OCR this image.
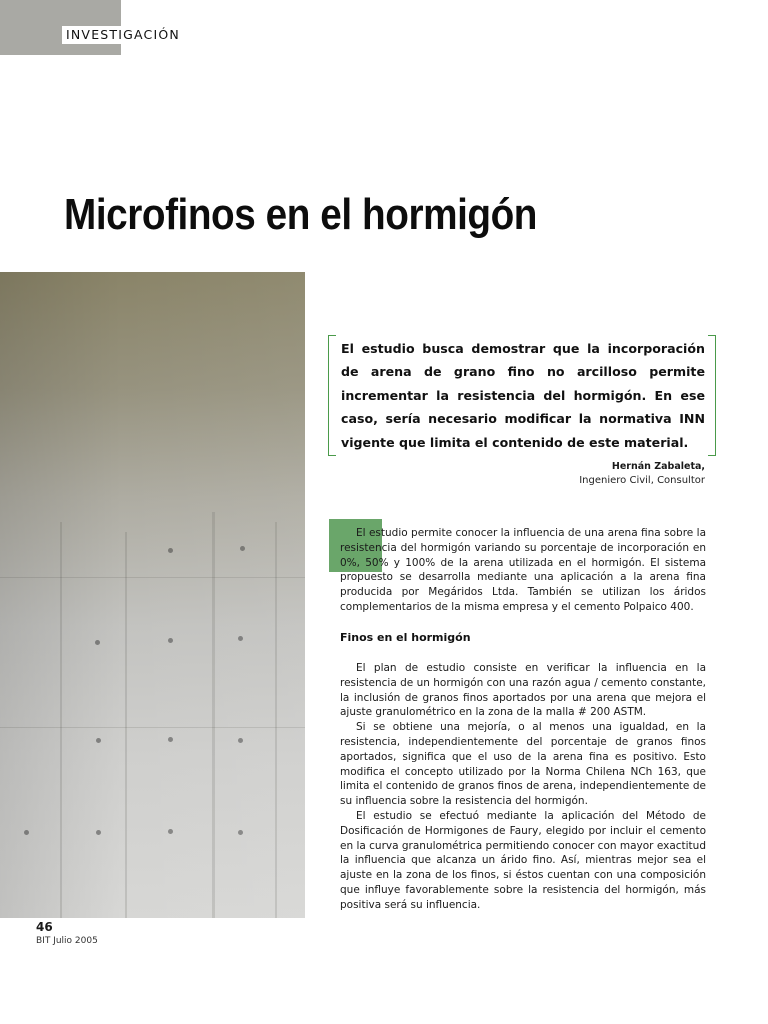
INVESTIGACIÓN
Microfinos en el hormigón

El estudio busca demostrar que la incorporación de arena de grano fino no arcilloso permite incrementar la resistencia del hormigón. En ese caso, sería necesario modificar la normativa INN vigente que limita el contenido de este material.

Hernán Zabaleta,
Ingeniero Civil, Consultor

El estudio permite conocer la influencia de una arena fina sobre la resistencia del hormigón variando su porcentaje de incorporación en 0%, 50% y 100% de la arena utilizada en el hormigón. El sistema propuesto se desarrolla mediante una aplicación a la arena fina producida por Megáridos Ltda. También se utilizan los áridos complementarios de la misma empresa y el cemento Polpaico 400.

Finos en el hormigón

El plan de estudio consiste en verificar la influencia en la resistencia de un hormigón con una razón agua / cemento constante, la inclusión de granos finos aportados por una arena que mejora el ajuste granulométrico en la zona de la malla # 200 ASTM.

Si se obtiene una mejoría, o al menos una igualdad, en la resistencia, independientemente del porcentaje de granos finos aportados, significa que el uso de la arena fina es positivo. Esto modifica el concepto utilizado por la Norma Chilena NCh 163, que limita el contenido de granos finos de arena, independientemente de su influencia sobre la resistencia del hormigón.

El estudio se efectuó mediante la aplicación del Método de Dosificación de Hormigones de Faury, elegido por incluir el cemento en la curva granulométrica permitiendo conocer con mayor exactitud la influencia que alcanza un árido fino. Así, mientras mejor sea el ajuste en la zona de los finos, si éstos cuentan con una composición que influye favorablemente sobre la resistencia del hormigón, más positiva será su influencia.

46
BIT Julio 2005
